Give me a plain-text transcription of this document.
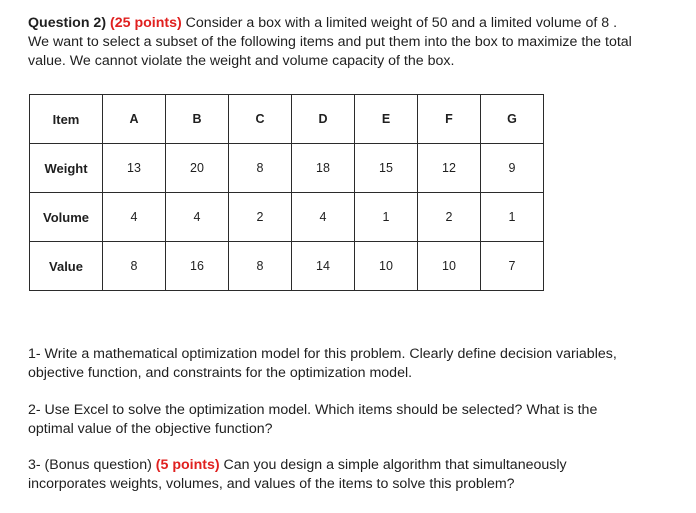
Question 2) (25 points) Consider a box with a limited weight of 50 and a limited volume of 8 .
We want to select a subset of the following items and put them into the box to maximize the total
value. We cannot violate the weight and volume capacity of the box.
Item	A	B	C	D	E	F	G
Weight	13	20	8	18	15	12	9
Volume	4	4	2	4	1	2	1
Value	8	16	8	14	10	10	7
1- Write a mathematical optimization model for this problem. Clearly define decision variables,
objective function, and constraints for the optimization model.
2- Use Excel to solve the optimization model. Which items should be selected? What is the
optimal value of the objective function?
3- (Bonus question) (5 points) Can you design a simple algorithm that simultaneously
incorporates weights, volumes, and values of the items to solve this problem?
